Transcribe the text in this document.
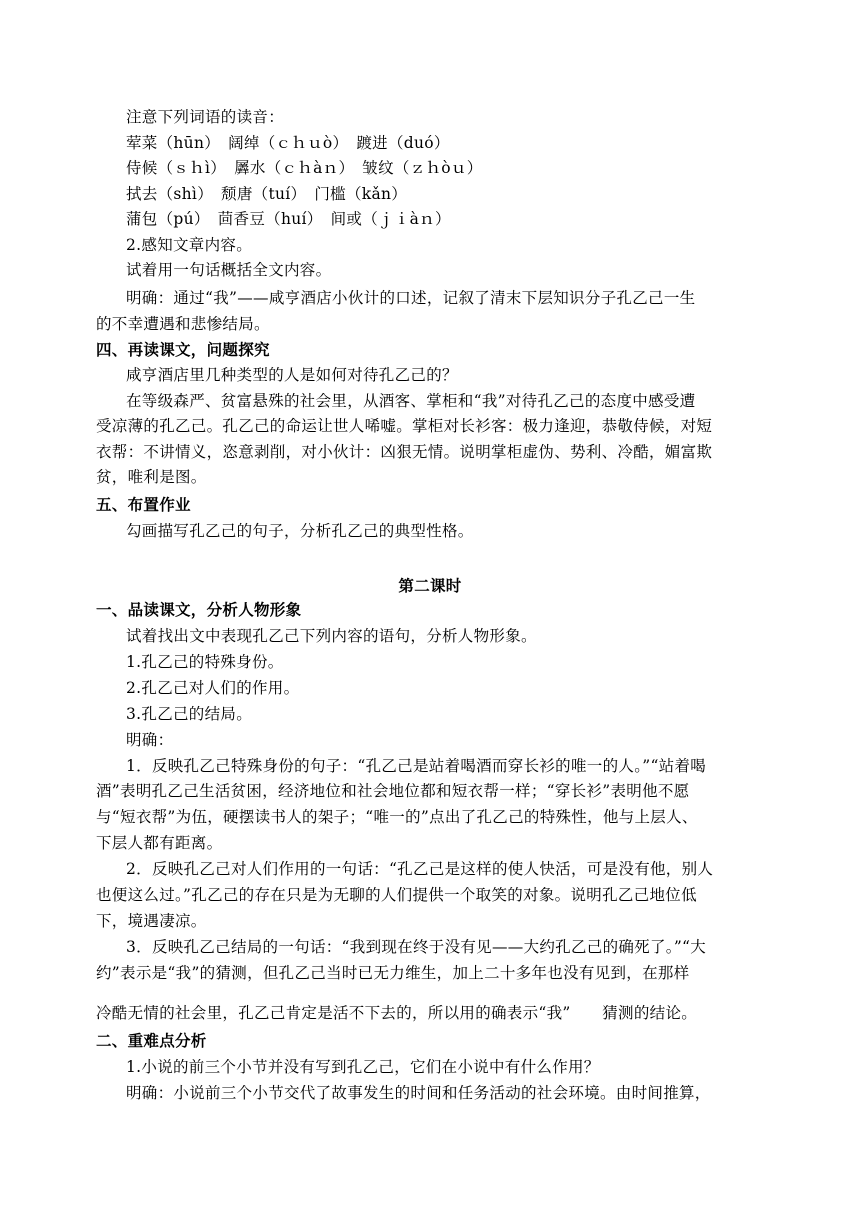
注意下列词语的读音：
荤菜（hūn）　阔绰（ｃｈｕò）　踱进（duó）
侍候（ｓｈì）　羼水（ｃｈàｎ）　皱纹（ｚｈòｕ）
拭去（shì）　颓唐（tuí）　门槛（kǎn）
蒲包（pú）　茴香豆（huí）　间或（ｊｉàｎ）
2.感知文章内容。
试着用一句话概括全文内容。
明确：通过“我”——咸亨酒店小伙计的口述，记叙了清末下层知识分子孔乙己一生
的不幸遭遇和悲惨结局。
四、再读课文，问题探究
咸亨酒店里几种类型的人是如何对待孔乙己的？
在等级森严、贫富悬殊的社会里，从酒客、掌柜和“我”对待孔乙己的态度中感受遭
受凉薄的孔乙己。孔乙己的命运让世人唏嘘。掌柜对长衫客：极力逢迎，恭敬侍候，对短
衣帮：不讲情义，恣意剥削，对小伙计：凶狠无情。说明掌柜虚伪、势利、冷酷，媚富欺
贫，唯利是图。
五、布置作业
勾画描写孔乙己的句子，分析孔乙己的典型性格。
第二课时
一、品读课文，分析人物形象
试着找出文中表现孔乙己下列内容的语句，分析人物形象。
1.孔乙己的特殊身份。
2.孔乙己对人们的作用。
3.孔乙己的结局。
明确：
1．反映孔乙己特殊身份的句子：“孔乙己是站着喝酒而穿长衫的唯一的人。”“站着喝
酒”表明孔乙己生活贫困，经济地位和社会地位都和短衣帮一样；“穿长衫”表明他不愿
与“短衣帮”为伍，硬摆读书人的架子；“唯一的”点出了孔乙己的特殊性，他与上层人、
下层人都有距离。
2．反映孔乙己对人们作用的一句话：“孔乙己是这样的使人快活，可是没有他，别人
也便这么过。”孔乙己的存在只是为无聊的人们提供一个取笑的对象。说明孔乙己地位低
下，境遇凄凉。
3．反映孔乙己结局的一句话：“我到现在终于没有见——大约孔乙己的确死了。”“大
约”表示是“我”的猜测，但孔乙己当时已无力维生，加上二十多年也没有见到，在那样
冷酷无情的社会里，孔乙己肯定是活不下去的，所以用的确表示“我”　　猜测的结论。
二、重难点分析
1.小说的前三个小节并没有写到孔乙己，它们在小说中有什么作用？
明确：小说前三个小节交代了故事发生的时间和任务活动的社会环境。由时间推算，
